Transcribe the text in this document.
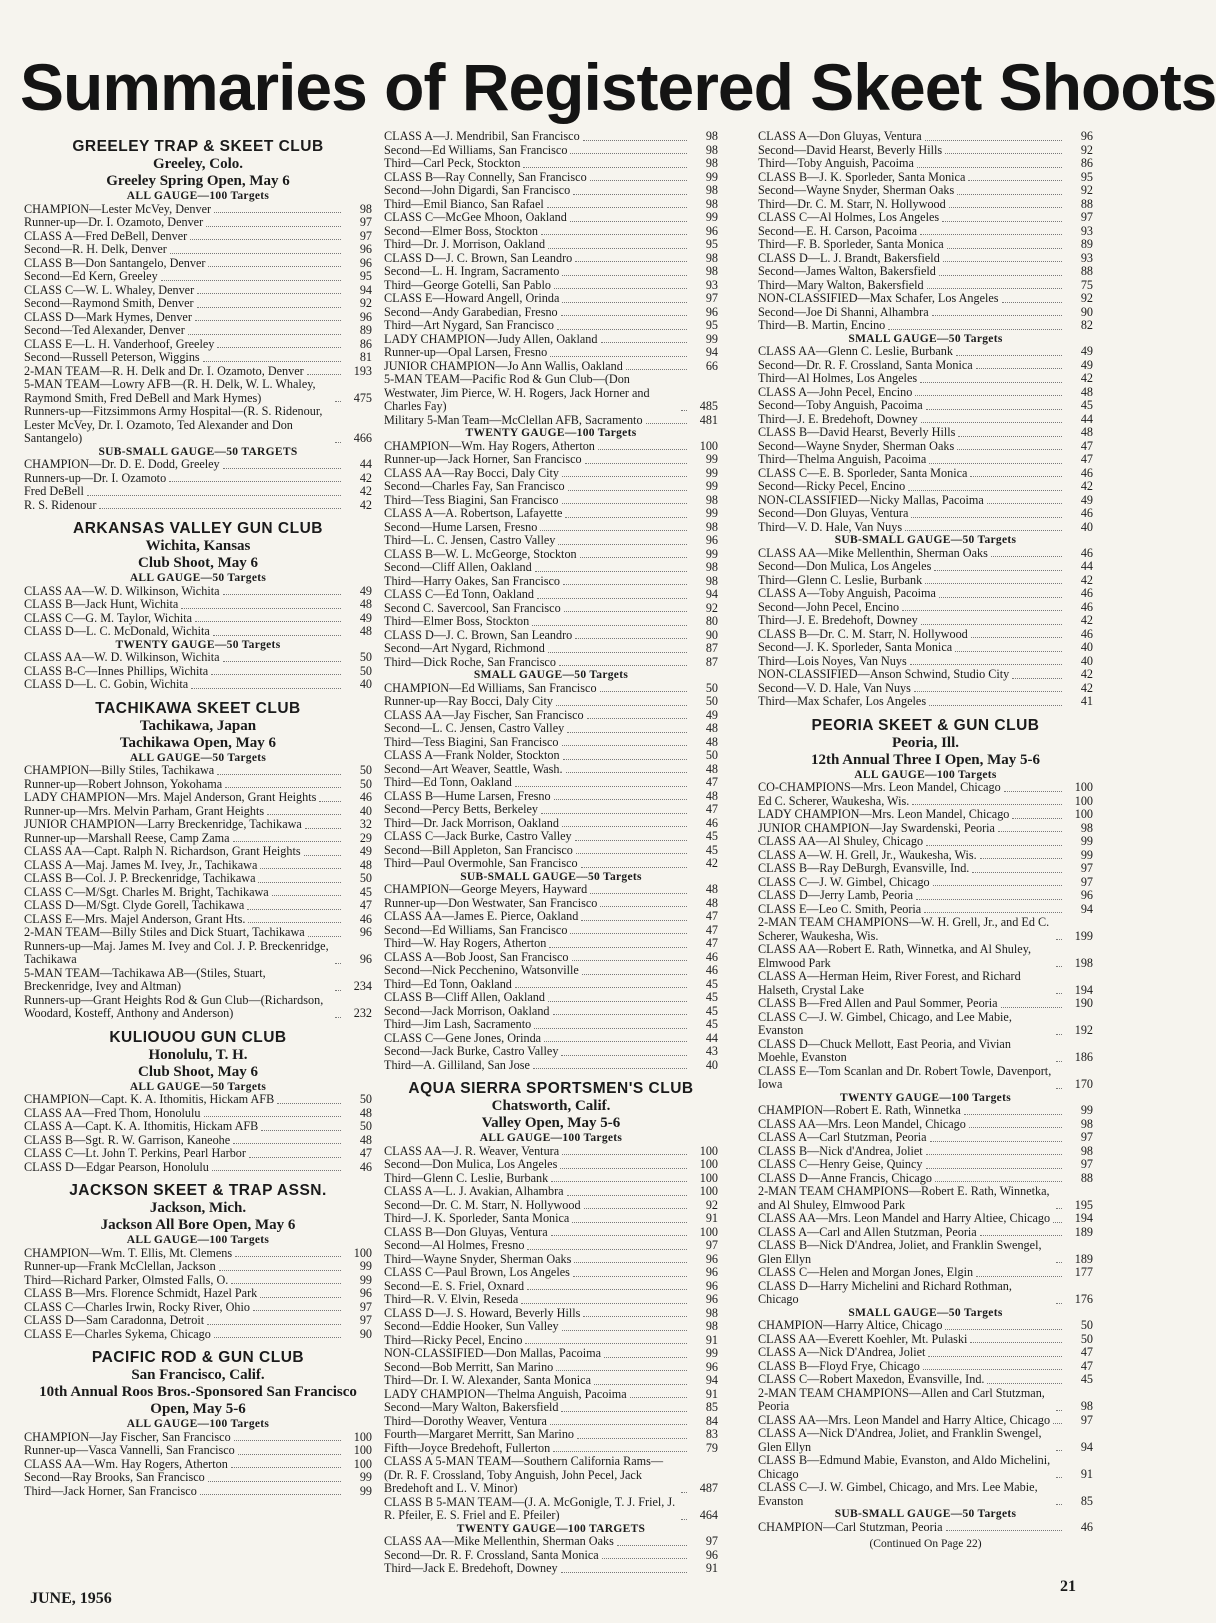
Summaries of Registered Skeet Shoots
GREELEY TRAP & SKEET CLUB
Greeley, Colo.
Greeley Spring Open, May 6
ALL GAUGE—100 Targets
CHAMPION—Lester McVey, Denver	98
Runner-up—Dr. I. Ozamoto, Denver	97
CLASS A—Fred DeBell, Denver	97
Second—R. H. Delk, Denver	96
CLASS B—Don Santangelo, Denver	96
Second—Ed Kern, Greeley	95
CLASS C—W. L. Whaley, Denver	94
Second—Raymond Smith, Denver	92
CLASS D—Mark Hymes, Denver	96
Second—Ted Alexander, Denver	89
CLASS E—L. H. Vanderhoof, Greeley	86
Second—Russell Peterson, Wiggins	81
2-MAN TEAM—R. H. Delk and Dr. I. Ozamoto, Denver	193
5-MAN TEAM—Lowry AFB—(R. H. Delk, W. L. Whaley, Raymond Smith, Fred DeBell and Mark Hymes)	475
Runners-up—Fitzsimmons Army Hospital—(R. S. Ridenour, Lester McVey, Dr. I. Ozamoto, Ted Alexander and Don Santangelo)	466
SUB-SMALL GAUGE—50 TARGETS
CHAMPION—Dr. D. E. Dodd, Greeley	44
Runners-up—Dr. I. Ozamoto	42
Fred DeBell	42
R. S. Ridenour	42
ARKANSAS VALLEY GUN CLUB
Wichita, Kansas
Club Shoot, May 6
ALL GAUGE—50 Targets
CLASS AA—W. D. Wilkinson, Wichita	49
CLASS B—Jack Hunt, Wichita	48
CLASS C—G. M. Taylor, Wichita	49
CLASS D—L. C. McDonald, Wichita	48
TWENTY GAUGE—50 Targets
CLASS AA—W. D. Wilkinson, Wichita	50
CLASS B-C—Innes Phillips, Wichita	50
CLASS D—L. C. Gobin, Wichita	40
TACHIKAWA SKEET CLUB
Tachikawa, Japan
Tachikawa Open, May 6
ALL GAUGE—50 Targets
CHAMPION—Billy Stiles, Tachikawa	50
Runner-up—Robert Johnson, Yokohama	50
LADY CHAMPION—Mrs. Majel Anderson, Grant Heights	46
Runner-up—Mrs. Melvin Parham, Grant Heights	40
JUNIOR CHAMPION—Larry Breckenridge, Tachikawa	32
Runner-up—Marshall Reese, Camp Zama	29
CLASS AA—Capt. Ralph N. Richardson, Grant Heights	49
CLASS A—Maj. James M. Ivey, Jr., Tachikawa	48
CLASS B—Col. J. P. Breckenridge, Tachikawa	50
CLASS C—M/Sgt. Charles M. Bright, Tachikawa	45
CLASS D—M/Sgt. Clyde Gorell, Tachikawa	47
CLASS E—Mrs. Majel Anderson, Grant Hts.	46
2-MAN TEAM—Billy Stiles and Dick Stuart, Tachikawa	96
Runners-up—Maj. James M. Ivey and Col. J. P. Breckenridge, Tachikawa	96
5-MAN TEAM—Tachikawa AB—(Stiles, Stuart, Breckenridge, Ivey and Altman)	234
Runners-up—Grant Heights Rod & Gun Club—(Richardson, Woodard, Kosteff, Anthony and Anderson)	232
KULIOUOU GUN CLUB
Honolulu, T. H.
Club Shoot, May 6
ALL GAUGE—50 Targets
CHAMPION—Capt. K. A. Ithomitis, Hickam AFB	50
CLASS AA—Fred Thom, Honolulu	48
CLASS A—Capt. K. A. Ithomitis, Hickam AFB	50
CLASS B—Sgt. R. W. Garrison, Kaneohe	48
CLASS C—Lt. John T. Perkins, Pearl Harbor	47
CLASS D—Edgar Pearson, Honolulu	46
JACKSON SKEET & TRAP ASSN.
Jackson, Mich.
Jackson All Bore Open, May 6
ALL GAUGE—100 Targets
CHAMPION—Wm. T. Ellis, Mt. Clemens	100
Runner-up—Frank McClellan, Jackson	99
Third—Richard Parker, Olmsted Falls, O.	99
CLASS B—Mrs. Florence Schmidt, Hazel Park	96
CLASS C—Charles Irwin, Rocky River, Ohio	97
CLASS D—Sam Caradonna, Detroit	97
CLASS E—Charles Sykema, Chicago	90
PACIFIC ROD & GUN CLUB
San Francisco, Calif.
10th Annual Roos Bros.-Sponsored San Francisco Open, May 5-6
ALL GAUGE—100 Targets
CHAMPION—Jay Fischer, San Francisco	100
Runner-up—Vasca Vannelli, San Francisco	100
CLASS AA—Wm. Hay Rogers, Atherton	100
Second—Ray Brooks, San Francisco	99
Third—Jack Horner, San Francisco	99
CLASS A—J. Mendribil, San Francisco	98
Second—Ed Williams, San Francisco	98
Third—Carl Peck, Stockton	98
CLASS B—Ray Connelly, San Francisco	99
Second—John Digardi, San Francisco	98
Third—Emil Bianco, San Rafael	98
CLASS C—McGee Mhoon, Oakland	99
Second—Elmer Boss, Stockton	96
Third—Dr. J. Morrison, Oakland	95
CLASS D—J. C. Brown, San Leandro	98
Second—L. H. Ingram, Sacramento	98
Third—George Gotelli, San Pablo	93
CLASS E—Howard Angell, Orinda	97
Second—Andy Garabedian, Fresno	96
Third—Art Nygard, San Francisco	95
LADY CHAMPION—Judy Allen, Oakland	99
Runner-up—Opal Larsen, Fresno	94
JUNIOR CHAMPION—Jo Ann Wallis, Oakland	66
5-MAN TEAM—Pacific Rod & Gun Club—(Don Westwater, Jim Pierce, W. H. Rogers, Jack Horner and Charles Fay)	485
Military 5-Man Team—McClellan AFB, Sacramento	481
TWENTY GAUGE—100 Targets
CHAMPION—Wm. Hay Rogers, Atherton	100
Runner-up—Jack Horner, San Francisco	99
CLASS AA—Ray Bocci, Daly City	99
Second—Charles Fay, San Francisco	99
Third—Tess Biagini, San Francisco	98
CLASS A—A. Robertson, Lafayette	99
Second—Hume Larsen, Fresno	98
Third—L. C. Jensen, Castro Valley	96
CLASS B—W. L. McGeorge, Stockton	99
Second—Cliff Allen, Oakland	98
Third—Harry Oakes, San Francisco	98
CLASS C—Ed Tonn, Oakland	94
Second C. Savercool, San Francisco	92
Third—Elmer Boss, Stockton	80
CLASS D—J. C. Brown, San Leandro	90
Second—Art Nygard, Richmond	87
Third—Dick Roche, San Francisco	87
SMALL GAUGE—50 Targets
CHAMPION—Ed Williams, San Francisco	50
Runner-up—Ray Bocci, Daly City	50
CLASS AA—Jay Fischer, San Francisco	49
Second—L. C. Jensen, Castro Valley	48
Third—Tess Biagini, San Francisco	48
CLASS A—Frank Nolder, Stockton	50
Second—Art Weaver, Seattle, Wash.	48
Third—Ed Tonn, Oakland	47
CLASS B—Hume Larsen, Fresno	48
Second—Percy Betts, Berkeley	47
Third—Dr. Jack Morrison, Oakland	46
CLASS C—Jack Burke, Castro Valley	45
Second—Bill Appleton, San Francisco	45
Third—Paul Overmohle, San Francisco	42
SUB-SMALL GAUGE—50 Targets
CHAMPION—George Meyers, Hayward	48
Runner-up—Don Westwater, San Francisco	48
CLASS AA—James E. Pierce, Oakland	47
Second—Ed Williams, San Francisco	47
Third—W. Hay Rogers, Atherton	47
CLASS A—Bob Joost, San Francisco	46
Second—Nick Pecchenino, Watsonville	46
Third—Ed Tonn, Oakland	45
CLASS B—Cliff Allen, Oakland	45
Second—Jack Morrison, Oakland	45
Third—Jim Lash, Sacramento	45
CLASS C—Gene Jones, Orinda	44
Second—Jack Burke, Castro Valley	43
Third—A. Gilliland, San Jose	40
AQUA SIERRA SPORTSMEN'S CLUB
Chatsworth, Calif.
Valley Open, May 5-6
ALL GAUGE—100 Targets
CLASS AA—J. R. Weaver, Ventura	100
Second—Don Mulica, Los Angeles	100
Third—Glenn C. Leslie, Burbank	100
CLASS A—L. J. Avakian, Alhambra	100
Second—Dr. C. M. Starr, N. Hollywood	92
Third—J. K. Sporleder, Santa Monica	91
CLASS B—Don Gluyas, Ventura	100
Second—Al Holmes, Fresno	97
Third—Wayne Snyder, Sherman Oaks	96
CLASS C—Paul Brown, Los Angeles	96
Second—E. S. Friel, Oxnard	96
Third—R. V. Elvin, Reseda	96
CLASS D—J. S. Howard, Beverly Hills	98
Second—Eddie Hooker, Sun Valley	98
Third—Ricky Pecel, Encino	91
NON-CLASSIFIED—Don Mallas, Pacoima	99
Second—Bob Merritt, San Marino	96
Third—Dr. I. W. Alexander, Santa Monica	94
LADY CHAMPION—Thelma Anguish, Pacoima	91
Second—Mary Walton, Bakersfield	85
Third—Dorothy Weaver, Ventura	84
Fourth—Margaret Merritt, San Marino	83
Fifth—Joyce Bredehoft, Fullerton	79
CLASS A 5-MAN TEAM—Southern California Rams—(Dr. R. F. Crossland, Toby Anguish, John Pecel, Jack Bredehoft and L. V. Minor)	487
CLASS B 5-MAN TEAM—(J. A. McGonigle, T. J. Friel, J. R. Pfeiler, E. S. Friel and E. Pfeiler)	464
TWENTY GAUGE—100 TARGETS
CLASS AA—Mike Mellenthin, Sherman Oaks	97
Second—Dr. R. F. Crossland, Santa Monica	96
Third—Jack E. Bredehoft, Downey	91
CLASS A—Don Gluyas, Ventura	96
Second—David Hearst, Beverly Hills	92
Third—Toby Anguish, Pacoima	86
CLASS B—J. K. Sporleder, Santa Monica	95
Second—Wayne Snyder, Sherman Oaks	92
Third—Dr. C. M. Starr, N. Hollywood	88
CLASS C—Al Holmes, Los Angeles	97
Second—E. H. Carson, Pacoima	93
Third—F. B. Sporleder, Santa Monica	89
CLASS D—L. J. Brandt, Bakersfield	93
Second—James Walton, Bakersfield	88
Third—Mary Walton, Bakersfield	75
NON-CLASSIFIED—Max Schafer, Los Angeles	92
Second—Joe Di Shanni, Alhambra	90
Third—B. Martin, Encino	82
SMALL GAUGE—50 Targets
CLASS AA—Glenn C. Leslie, Burbank	49
Second—Dr. R. F. Crossland, Santa Monica	49
Third—Al Holmes, Los Angeles	42
CLASS A—John Pecel, Encino	48
Second—Toby Anguish, Pacoima	45
Third—J. E. Bredehoft, Downey	44
CLASS B—David Hearst, Beverly Hills	48
Second—Wayne Snyder, Sherman Oaks	47
Third—Thelma Anguish, Pacoima	47
CLASS C—E. B. Sporleder, Santa Monica	46
Second—Ricky Pecel, Encino	42
NON-CLASSIFIED—Nicky Mallas, Pacoima	49
Second—Don Gluyas, Ventura	46
Third—V. D. Hale, Van Nuys	40
SUB-SMALL GAUGE—50 Targets
CLASS AA—Mike Mellenthin, Sherman Oaks	46
Second—Don Mulica, Los Angeles	44
Third—Glenn C. Leslie, Burbank	42
CLASS A—Toby Anguish, Pacoima	46
Second—John Pecel, Encino	46
Third—J. E. Bredehoft, Downey	42
CLASS B—Dr. C. M. Starr, N. Hollywood	46
Second—J. K. Sporleder, Santa Monica	40
Third—Lois Noyes, Van Nuys	40
NON-CLASSIFIED—Anson Schwind, Studio City	42
Second—V. D. Hale, Van Nuys	42
Third—Max Schafer, Los Angeles	41
PEORIA SKEET & GUN CLUB
Peoria, Ill.
12th Annual Three I Open, May 5-6
ALL GAUGE—100 Targets
CO-CHAMPIONS—Mrs. Leon Mandel, Chicago	100
Ed C. Scherer, Waukesha, Wis.	100
LADY CHAMPION—Mrs. Leon Mandel, Chicago	100
JUNIOR CHAMPION—Jay Swardenski, Peoria	98
CLASS AA—Al Shuley, Chicago	99
CLASS A—W. H. Grell, Jr., Waukesha, Wis.	99
CLASS B—Ray DeBurgh, Evansville, Ind.	97
CLASS C—J. W. Gimbel, Chicago	97
CLASS D—Jerry Lamb, Peoria	96
CLASS E—Leo C. Smith, Peoria	94
2-MAN TEAM CHAMPIONS—W. H. Grell, Jr., and Ed C. Scherer, Waukesha, Wis.	199
CLASS AA—Robert E. Rath, Winnetka, and Al Shuley, Elmwood Park	198
CLASS A—Herman Heim, River Forest, and Richard Halseth, Crystal Lake	194
CLASS B—Fred Allen and Paul Sommer, Peoria	190
CLASS C—J. W. Gimbel, Chicago, and Lee Mabie, Evanston	192
CLASS D—Chuck Mellott, East Peoria, and Vivian Moehle, Evanston	186
CLASS E—Tom Scanlan and Dr. Robert Towle, Davenport, Iowa	170
TWENTY GAUGE—100 Targets
CHAMPION—Robert E. Rath, Winnetka	99
CLASS AA—Mrs. Leon Mandel, Chicago	98
CLASS A—Carl Stutzman, Peoria	97
CLASS B—Nick d'Andrea, Joliet	98
CLASS C—Henry Geise, Quincy	97
CLASS D—Anne Francis, Chicago	88
2-MAN TEAM CHAMPIONS—Robert E. Rath, Winnetka, and Al Shuley, Elmwood Park	195
CLASS AA—Mrs. Leon Mandel and Harry Altiee, Chicago	194
CLASS A—Carl and Allen Stutzman, Peoria	189
CLASS B—Nick D'Andrea, Joliet, and Franklin Swengel, Glen Ellyn	189
CLASS C—Helen and Morgan Jones, Elgin	177
CLASS D—Harry Michelini and Richard Rothman, Chicago	176
SMALL GAUGE—50 Targets
CHAMPION—Harry Altice, Chicago	50
CLASS AA—Everett Koehler, Mt. Pulaski	50
CLASS A—Nick D'Andrea, Joliet	47
CLASS B—Floyd Frye, Chicago	47
CLASS C—Robert Maxedon, Evansville, Ind.	45
2-MAN TEAM CHAMPIONS—Allen and Carl Stutzman, Peoria	98
CLASS AA—Mrs. Leon Mandel and Harry Altice, Chicago	97
CLASS A—Nick D'Andrea, Joliet, and Franklin Swengel, Glen Ellyn	94
CLASS B—Edmund Mabie, Evanston, and Aldo Michelini, Chicago	91
CLASS C—J. W. Gimbel, Chicago, and Mrs. Lee Mabie, Evanston	85
SUB-SMALL GAUGE—50 Targets
CHAMPION—Carl Stutzman, Peoria	46
(Continued On Page 22)
JUNE, 1956
21
